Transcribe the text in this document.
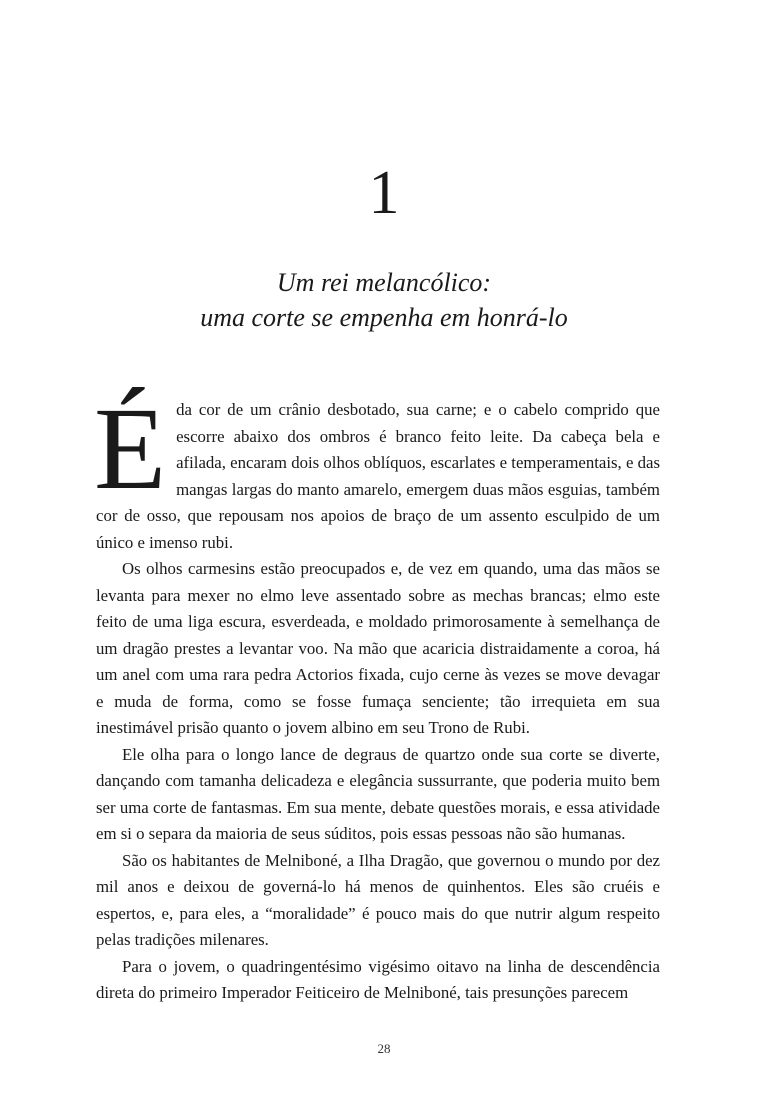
1
Um rei melancólico:
uma corte se empenha em honrá-lo

Éda cor de um crânio desbotado, sua carne; e o cabelo comprido que escorre abaixo dos ombros é branco feito leite. Da cabeça bela e afilada, encaram dois olhos oblíquos, escarlates e temperamentais, e das mangas largas do manto amarelo, emergem duas mãos esguias, também cor de osso, que repousam nos apoios de braço de um assento esculpido de um único e imenso rubi.

Os olhos carmesins estão preocupados e, de vez em quando, uma das mãos se levanta para mexer no elmo leve assentado sobre as mechas brancas; elmo este feito de uma liga escura, esverdeada, e moldado primorosamente à semelhança de um dragão prestes a levantar voo. Na mão que acaricia distraidamente a coroa, há um anel com uma rara pedra Actorios fixada, cujo cerne às vezes se move devagar e muda de forma, como se fosse fumaça senciente; tão irrequieta em sua inestimável prisão quanto o jovem albino em seu Trono de Rubi.

Ele olha para o longo lance de degraus de quartzo onde sua corte se diverte, dançando com tamanha delicadeza e elegância sussurrante, que poderia muito bem ser uma corte de fantasmas. Em sua mente, debate questões morais, e essa atividade em si o separa da maioria de seus súditos, pois essas pessoas não são humanas.

São os habitantes de Melniboné, a Ilha Dragão, que governou o mundo por dez mil anos e deixou de governá-lo há menos de quinhentos. Eles são cruéis e espertos, e, para eles, a “moralidade” é pouco mais do que nutrir algum respeito pelas tradições milenares.

Para o jovem, o quadringentésimo vigésimo oitavo na linha de descendência direta do primeiro Imperador Feiticeiro de Melniboné, tais presunções parecem

28
